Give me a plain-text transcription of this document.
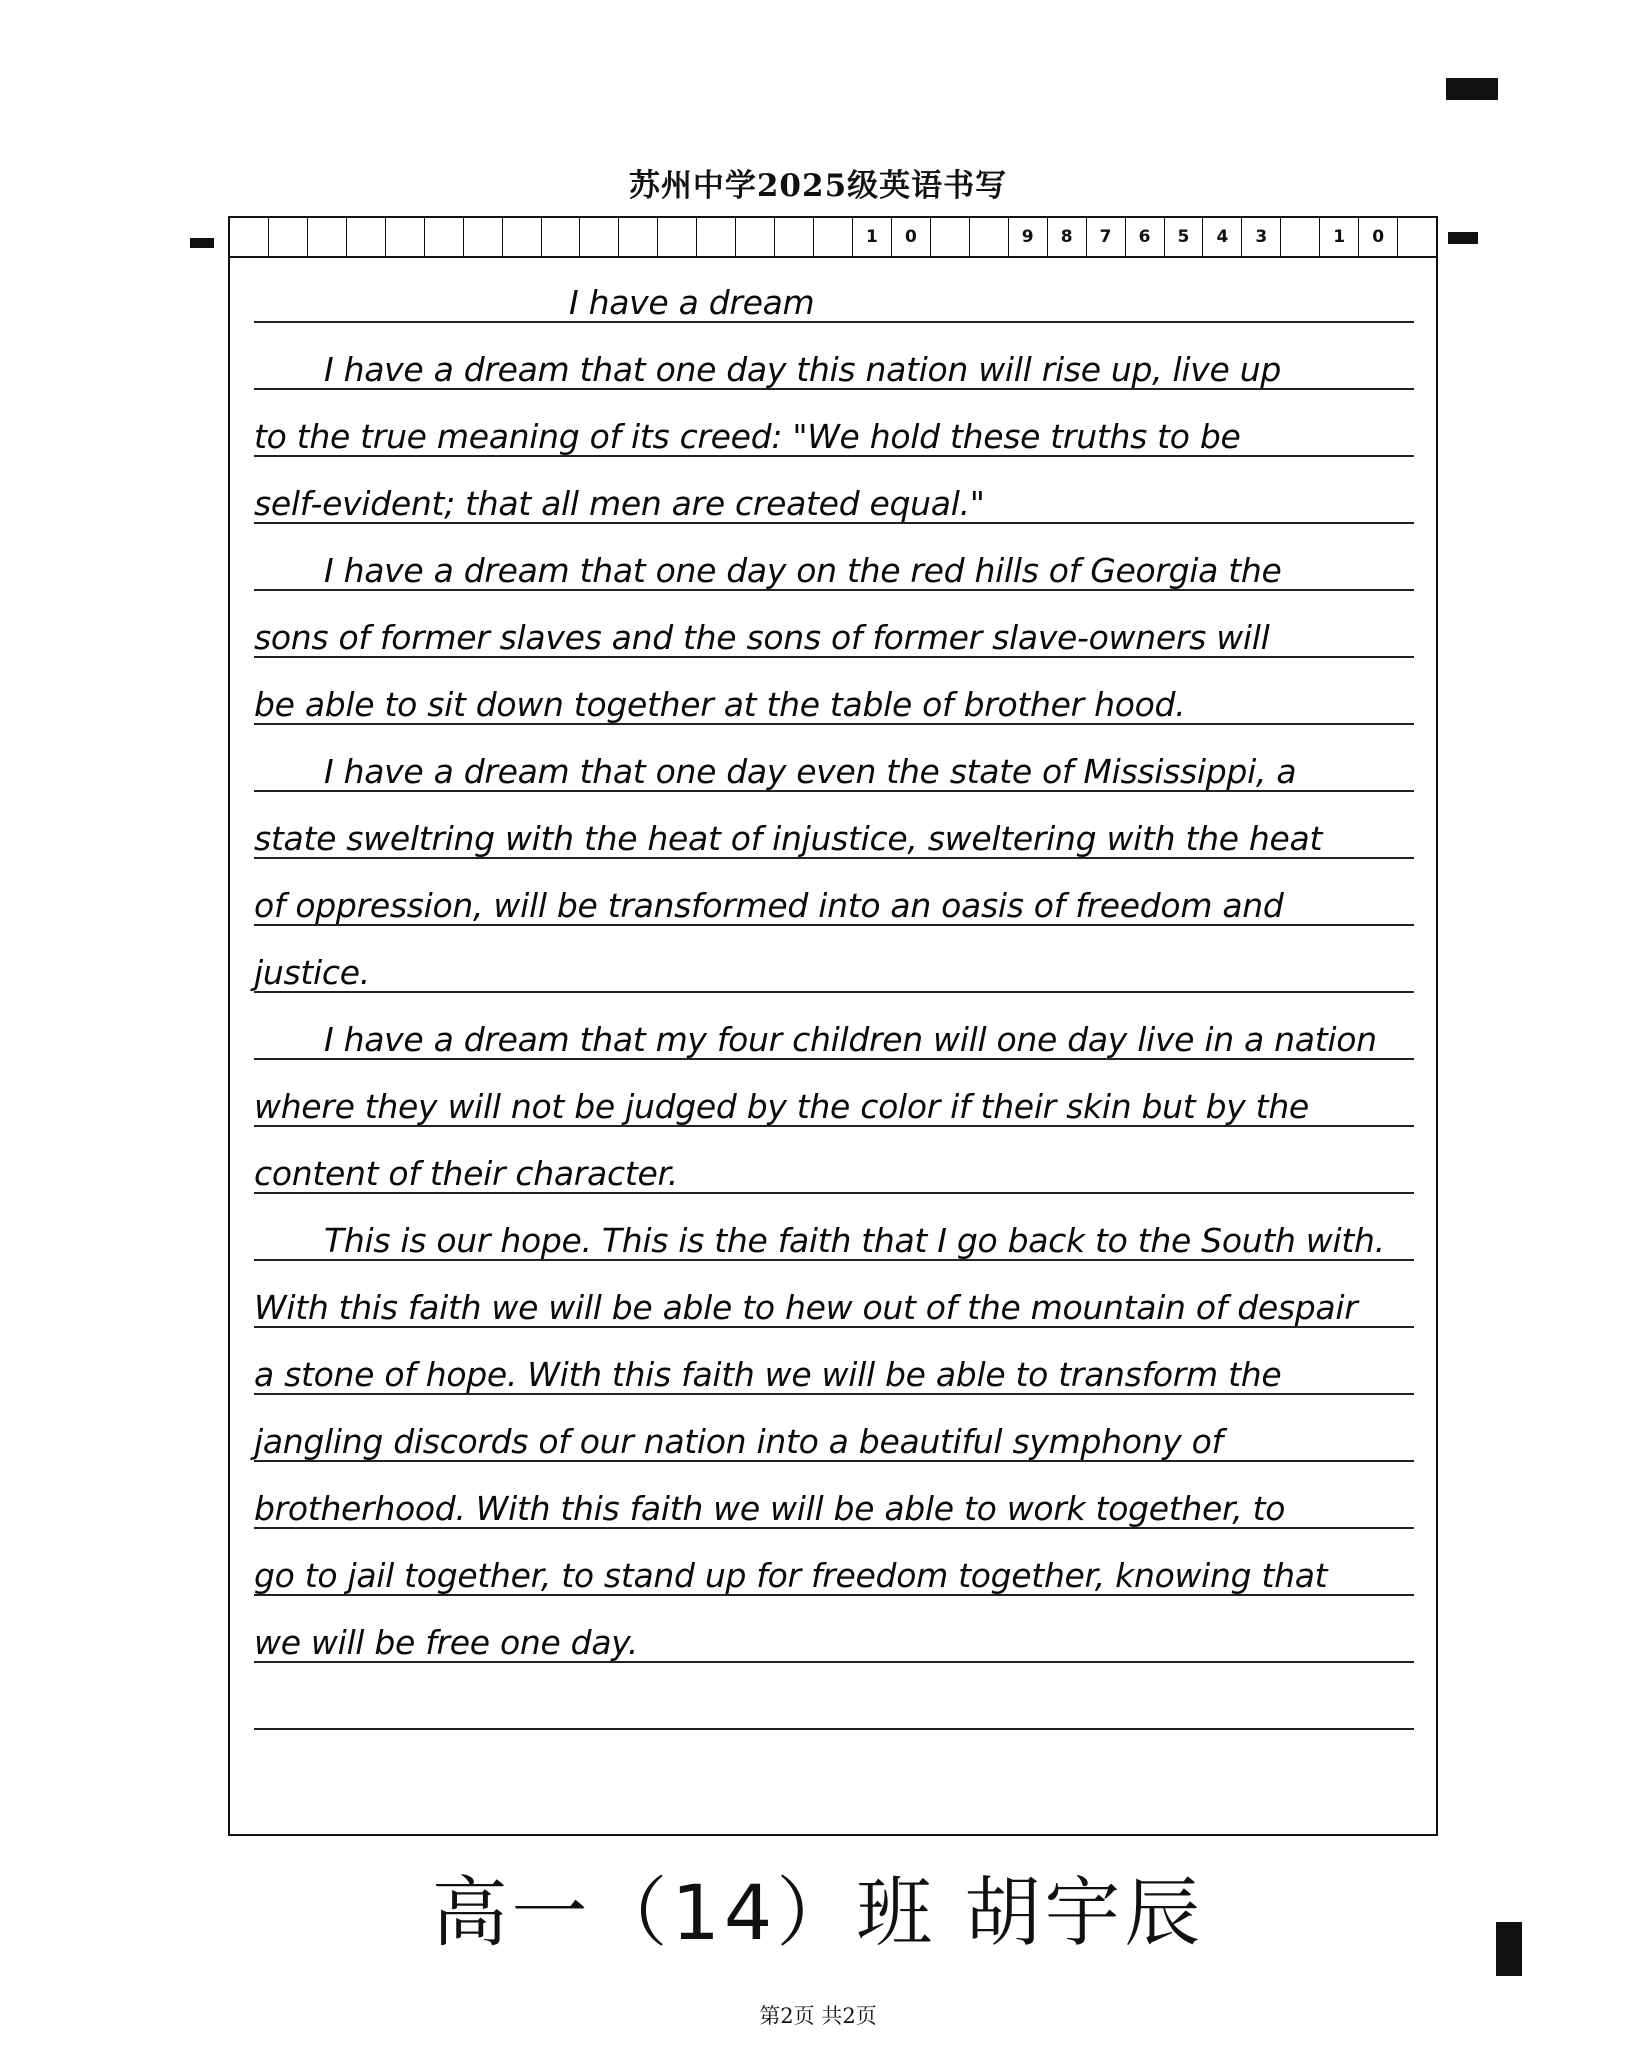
苏州中学2025级英语书写
1	0	9	8	7	6	5	4	3	1	0
I have a dream
I have a dream that one day this nation will rise up, live up
to the true meaning of its creed: "We hold these truths to be
self-evident; that all men are created equal."
I have a dream that one day on the red hills of Georgia the
sons of former slaves and the sons of former slave-owners will
be able to sit down together at the table of brother hood.
I have a dream that one day even the state of Mississippi, a
state sweltring with the heat of injustice, sweltering with the heat
of oppression, will be transformed into an oasis of freedom and
justice.
I have a dream that my four children will one day live in a nation
where they will not be judged by the color if their skin but by the
content of their character.
This is our hope. This is the faith that I go back to the South with.
With this faith we will be able to hew out of the mountain of despair
a stone of hope. With this faith we will be able to transform the
jangling discords of our nation into a beautiful symphony of
brotherhood. With this faith we will be able to work together, to
go to jail together, to stand up for freedom together, knowing that
we will be free one day.
高一（14）班 胡宇辰
第2页 共2页
